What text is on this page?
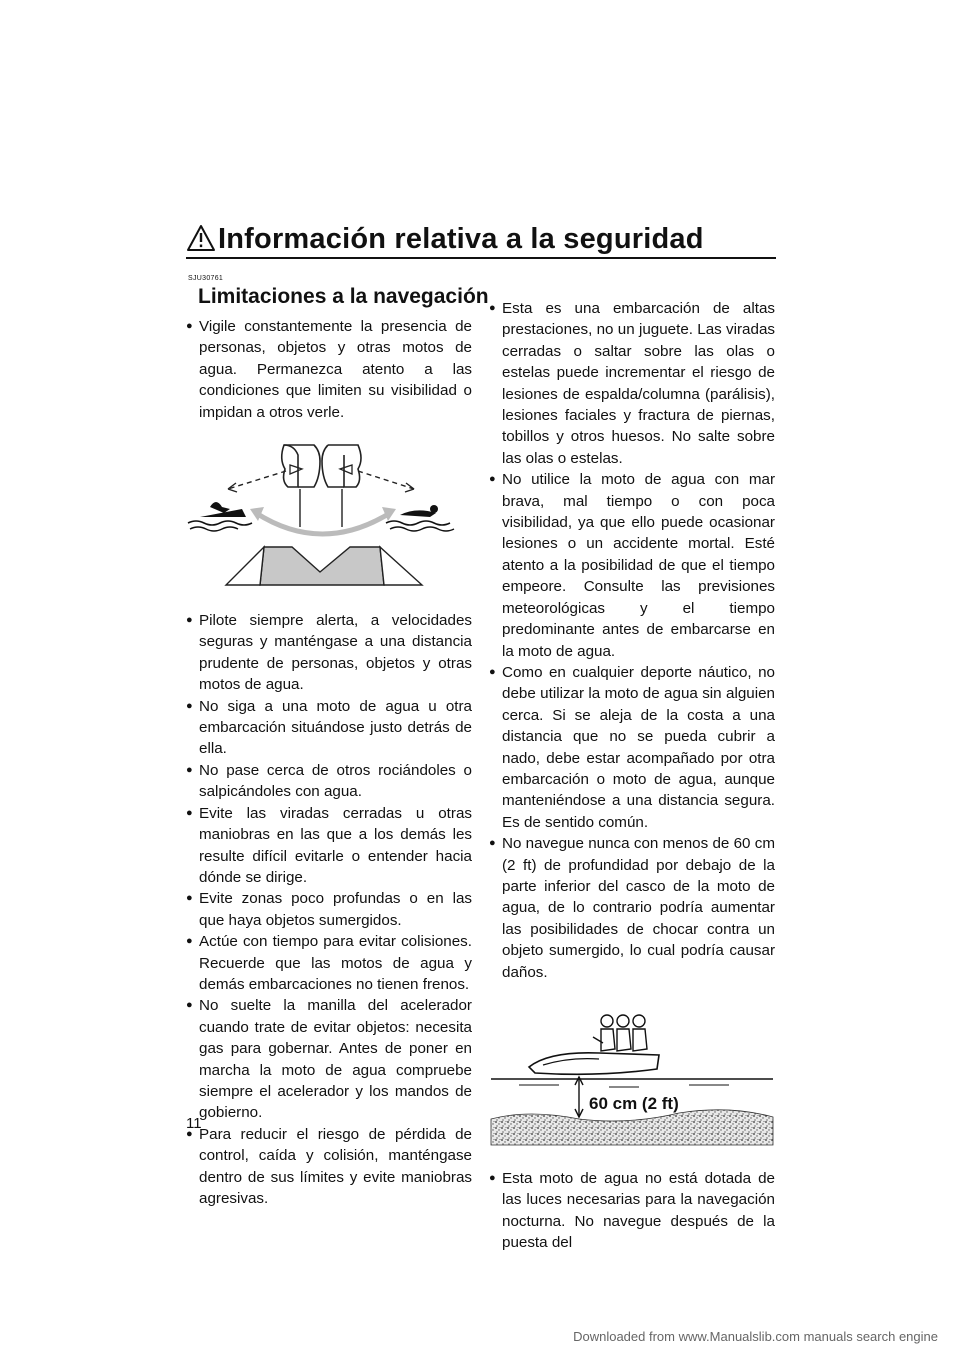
Información relativa a la seguridad
SJU30761
Limitaciones a la navegación
● Vigile constantemente la presencia de personas, objetos y otras motos de agua. Permanezca atento a las condiciones que limiten su visibilidad o impidan a otros verle.
● Pilote siempre alerta, a velocidades seguras y manténgase a una distancia prudente de personas, objetos y otras motos de agua.
● No siga a una moto de agua u otra embarcación situándose justo detrás de ella.
● No pase cerca de otros rociándoles o salpicándoles con agua.
● Evite las viradas cerradas u otras maniobras en las que a los demás les resulte difícil evitarle o entender hacia dónde se dirige.
● Evite zonas poco profundas o en las que haya objetos sumergidos.
● Actúe con tiempo para evitar colisiones. Recuerde que las motos de agua y demás embarcaciones no tienen frenos.
● No suelte la manilla del acelerador cuando trate de evitar objetos: necesita gas para gobernar. Antes de poner en marcha la moto de agua compruebe siempre el acelerador y los mandos de gobierno.
● Para reducir el riesgo de pérdida de control, caída y colisión, manténgase dentro de sus límites y evite maniobras agresivas.
● Esta es una embarcación de altas prestaciones, no un juguete. Las viradas cerradas o saltar sobre las olas o estelas puede incrementar el riesgo de lesiones de espalda/columna (parálisis), lesiones faciales y fractura de piernas, tobillos y otros huesos. No salte sobre las olas o estelas.
● No utilice la moto de agua con mar brava, mal tiempo o con poca visibilidad, ya que ello puede ocasionar lesiones o un accidente mortal. Esté atento a la posibilidad de que el tiempo empeore. Consulte las previsiones meteorológicas y el tiempo predominante antes de embarcarse en la moto de agua.
● Como en cualquier deporte náutico, no debe utilizar la moto de agua sin alguien cerca. Si se aleja de la costa a una distancia que no se pueda cubrir a nado, debe estar acompañado por otra embarcación o moto de agua, aunque manteniéndose a una distancia segura. Es de sentido común.
● No navegue nunca con menos de 60 cm (2 ft) de profundidad por debajo de la parte inferior del casco de la moto de agua, de lo contrario podría aumentar las posibilidades de chocar contra un objeto sumergido, lo cual podría causar daños.
60 cm (2 ft)
● Esta moto de agua no está dotada de las luces necesarias para la navegación nocturna. No navegue después de la puesta del
11
Downloaded from www.Manualslib.com manuals search engine
